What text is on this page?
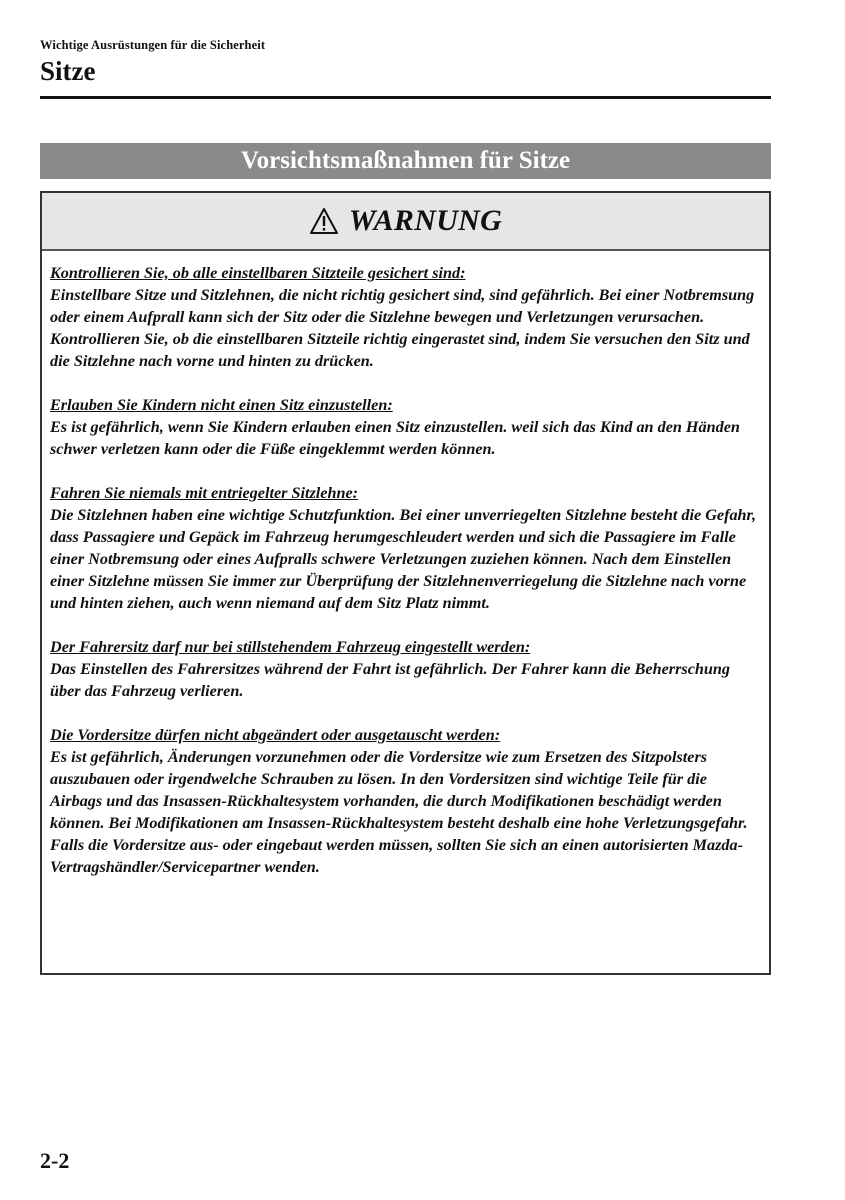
Wichtige Ausrüstungen für die Sicherheit
Sitze
Vorsichtsmaßnahmen für Sitze
WARNUNG

Kontrollieren Sie, ob alle einstellbaren Sitzteile gesichert sind:

Einstellbare Sitze und Sitzlehnen, die nicht richtig gesichert sind, sind gefährlich. Bei einer Notbremsung oder einem Aufprall kann sich der Sitz oder die Sitzlehne bewegen und Verletzungen verursachen. Kontrollieren Sie, ob die einstellbaren Sitzteile richtig eingerastet sind, indem Sie versuchen den Sitz und die Sitzlehne nach vorne und hinten zu drücken.

Erlauben Sie Kindern nicht einen Sitz einzustellen:

Es ist gefährlich, wenn Sie Kindern erlauben einen Sitz einzustellen. weil sich das Kind an den Händen schwer verletzen kann oder die Füße eingeklemmt werden können.

Fahren Sie niemals mit entriegelter Sitzlehne:

Die Sitzlehnen haben eine wichtige Schutzfunktion. Bei einer unverriegelten Sitzlehne besteht die Gefahr, dass Passagiere und Gepäck im Fahrzeug herumgeschleudert werden und sich die Passagiere im Falle einer Notbremsung oder eines Aufpralls schwere Verletzungen zuziehen können. Nach dem Einstellen einer Sitzlehne müssen Sie immer zur Überprüfung der Sitzlehnenverriegelung die Sitzlehne nach vorne und hinten ziehen, auch wenn niemand auf dem Sitz Platz nimmt.

Der Fahrersitz darf nur bei stillstehendem Fahrzeug eingestellt werden:

Das Einstellen des Fahrersitzes während der Fahrt ist gefährlich. Der Fahrer kann die Beherrschung über das Fahrzeug verlieren.

Die Vordersitze dürfen nicht abgeändert oder ausgetauscht werden:

Es ist gefährlich, Änderungen vorzunehmen oder die Vordersitze wie zum Ersetzen des Sitzpolsters auszubauen oder irgendwelche Schrauben zu lösen. In den Vordersitzen sind wichtige Teile für die Airbags und das Insassen-Rückhaltesystem vorhanden, die durch Modifikationen beschädigt werden können. Bei Modifikationen am Insassen-Rückhaltesystem besteht deshalb eine hohe Verletzungsgefahr. Falls die Vordersitze aus- oder eingebaut werden müssen, sollten Sie sich an einen autorisierten Mazda-Vertragshändler/Servicepartner wenden.

2-2
